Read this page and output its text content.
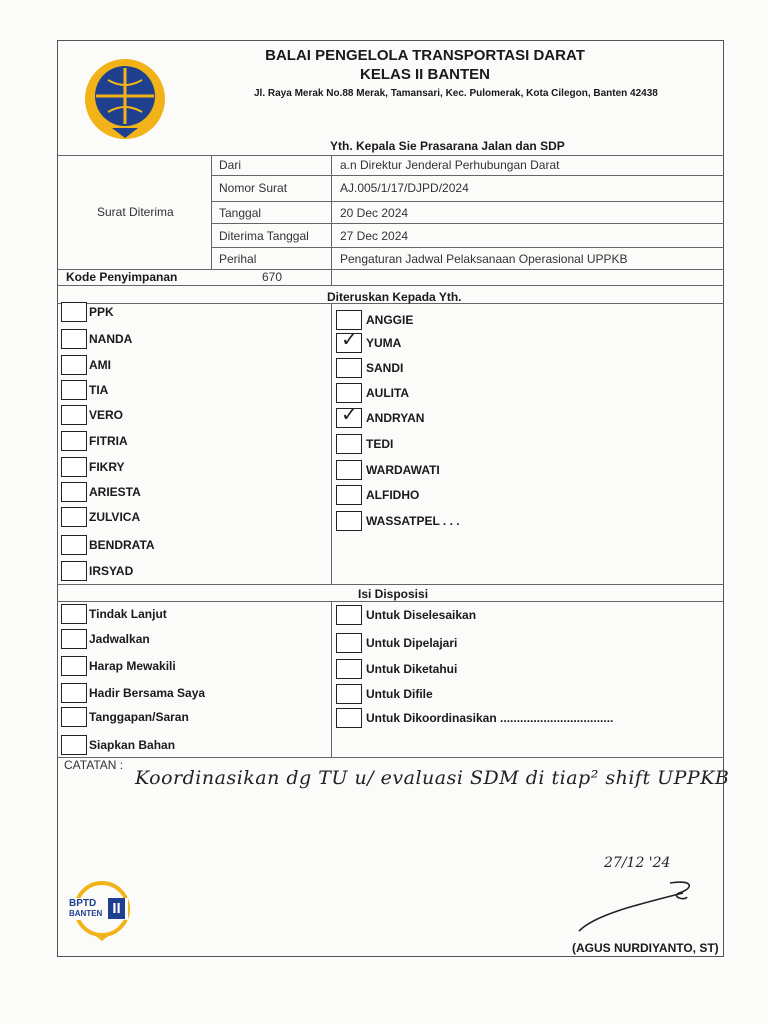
BALAI PENGELOLA TRANSPORTASI DARAT
KELAS II BANTEN
Jl. Raya Merak No.88 Merak, Tamansari, Kec. Pulomerak, Kota Cilegon, Banten 42438
Yth. Kepala Sie Prasarana Jalan dan SDP
Surat Diterima
Dari	a.n Direktur Jenderal Perhubungan Darat
Nomor Surat	AJ.005/1/17/DJPD/2024
Tanggal	20 Dec 2024
Diterima Tanggal	27 Dec 2024
Perihal	Pengaturan Jadwal Pelaksanaan Operasional UPPKB
Kode Penyimpanan	670
Diteruskan Kepada Yth.
PPK
NANDA
AMI
TIA
VERO
FITRIA
FIKRY
ARIESTA
ZULVICA
BENDRATA
IRSYAD
ANGGIE
✓ YUMA
SANDI
AULITA
✓ ANDRYAN
TEDI
WARDAWATI
ALFIDHO
WASSATPEL . . .
Isi Disposisi
Tindak Lanjut
Jadwalkan
Harap Mewakili
Hadir Bersama Saya
Tanggapan/Saran
Siapkan Bahan
Untuk Diselesaikan
Untuk Dipelajari
Untuk Diketahui
Untuk Difile
Untuk Dikoordinasikan ..................................
CATATAN :
Koordinasikan dg TU u/ evaluasi SDM di tiap² shift UPPKB
27/12 '24
(AGUS NURDIYANTO, ST)
BPTD
BANTEN II
